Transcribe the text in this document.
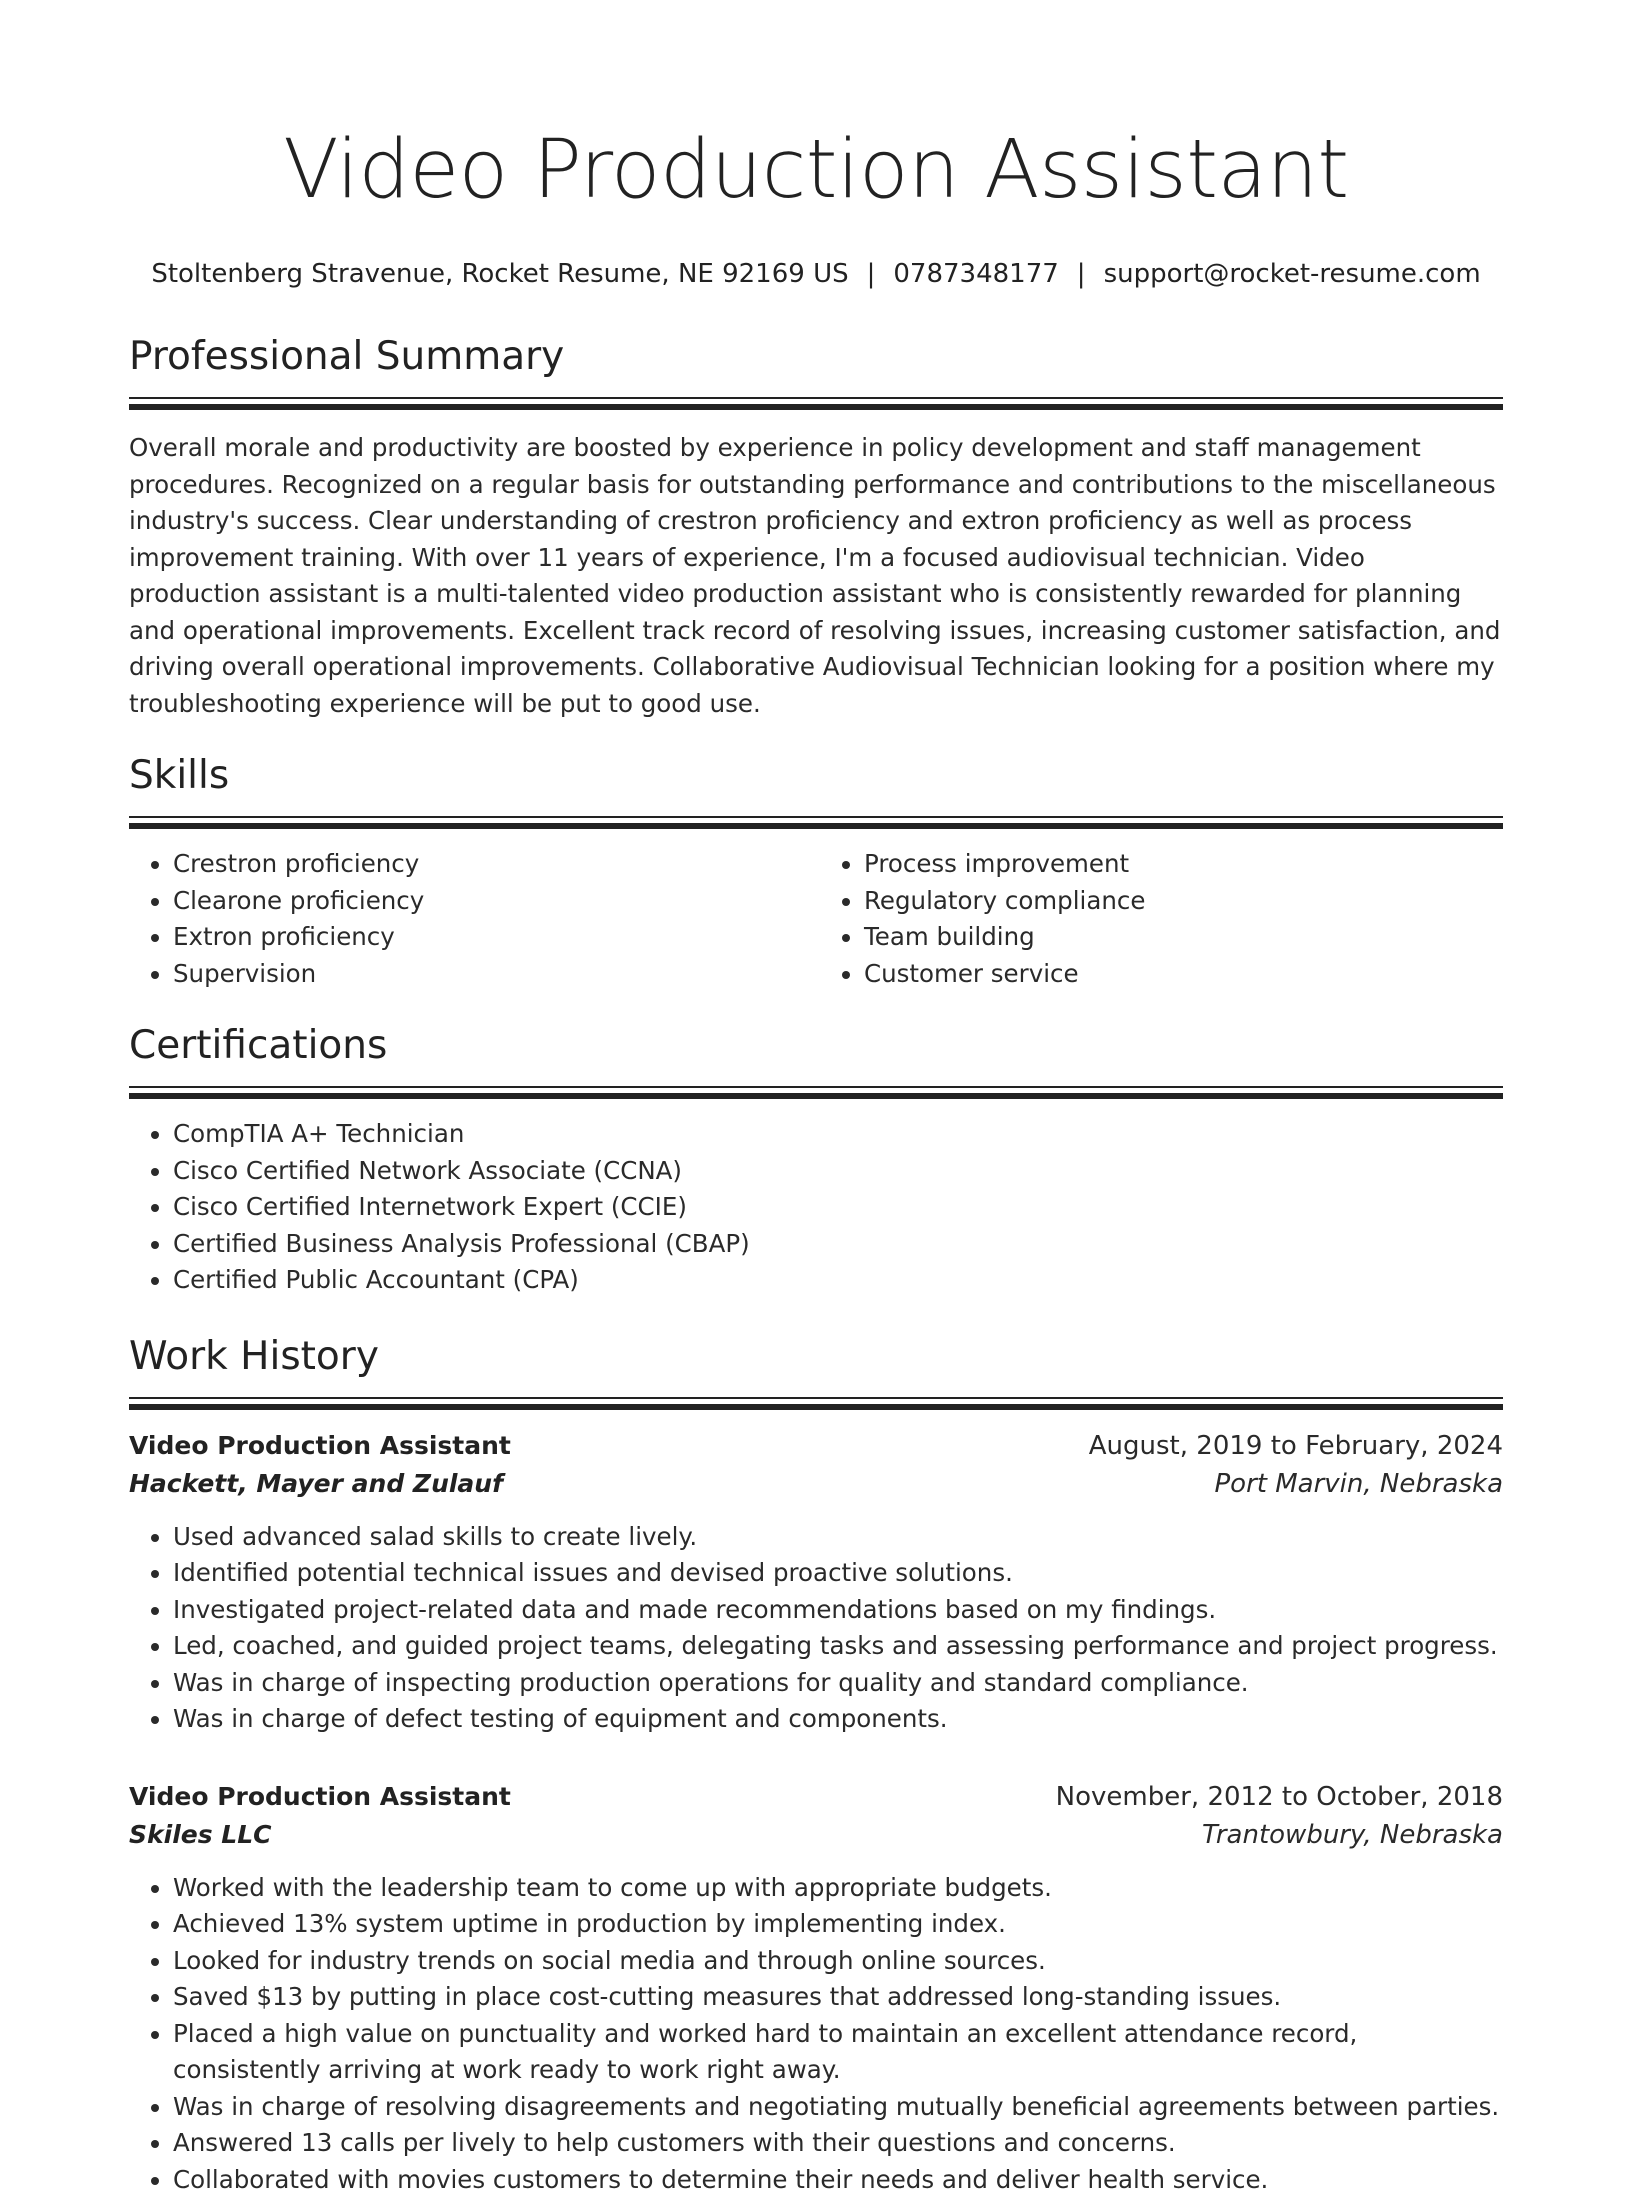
Video Production Assistant
Stoltenberg Stravenue, Rocket Resume, NE 92169 US | 0787348177 | support@rocket-resume.com
Professional Summary
Overall morale and productivity are boosted by experience in policy development and staff management procedures. Recognized on a regular basis for outstanding performance and contributions to the miscellaneous industry's success. Clear understanding of crestron proficiency and extron proficiency as well as process improvement training. With over 11 years of experience, I'm a focused audiovisual technician. Video production assistant is a multi-talented video production assistant who is consistently rewarded for planning and operational improvements. Excellent track record of resolving issues, increasing customer satisfaction, and driving overall operational improvements. Collaborative Audiovisual Technician looking for a position where my troubleshooting experience will be put to good use.
Skills
• Crestron proficiency
• Clearone proficiency
• Extron proficiency
• Supervision
• Process improvement
• Regulatory compliance
• Team building
• Customer service
Certifications
• CompTIA A+ Technician
• Cisco Certified Network Associate (CCNA)
• Cisco Certified Internetwork Expert (CCIE)
• Certified Business Analysis Professional (CBAP)
• Certified Public Accountant (CPA)
Work History
Video Production Assistant	August, 2019 to February, 2024
Hackett, Mayer and Zulauf	Port Marvin, Nebraska
• Used advanced salad skills to create lively.
• Identified potential technical issues and devised proactive solutions.
• Investigated project-related data and made recommendations based on my findings.
• Led, coached, and guided project teams, delegating tasks and assessing performance and project progress.
• Was in charge of inspecting production operations for quality and standard compliance.
• Was in charge of defect testing of equipment and components.
Video Production Assistant	November, 2012 to October, 2018
Skiles LLC	Trantowbury, Nebraska
• Worked with the leadership team to come up with appropriate budgets.
• Achieved 13% system uptime in production by implementing index.
• Looked for industry trends on social media and through online sources.
• Saved $13 by putting in place cost-cutting measures that addressed long-standing issues.
• Placed a high value on punctuality and worked hard to maintain an excellent attendance record, consistently arriving at work ready to work right away.
• Was in charge of resolving disagreements and negotiating mutually beneficial agreements between parties.
• Answered 13 calls per lively to help customers with their questions and concerns.
• Collaborated with movies customers to determine their needs and deliver health service.
